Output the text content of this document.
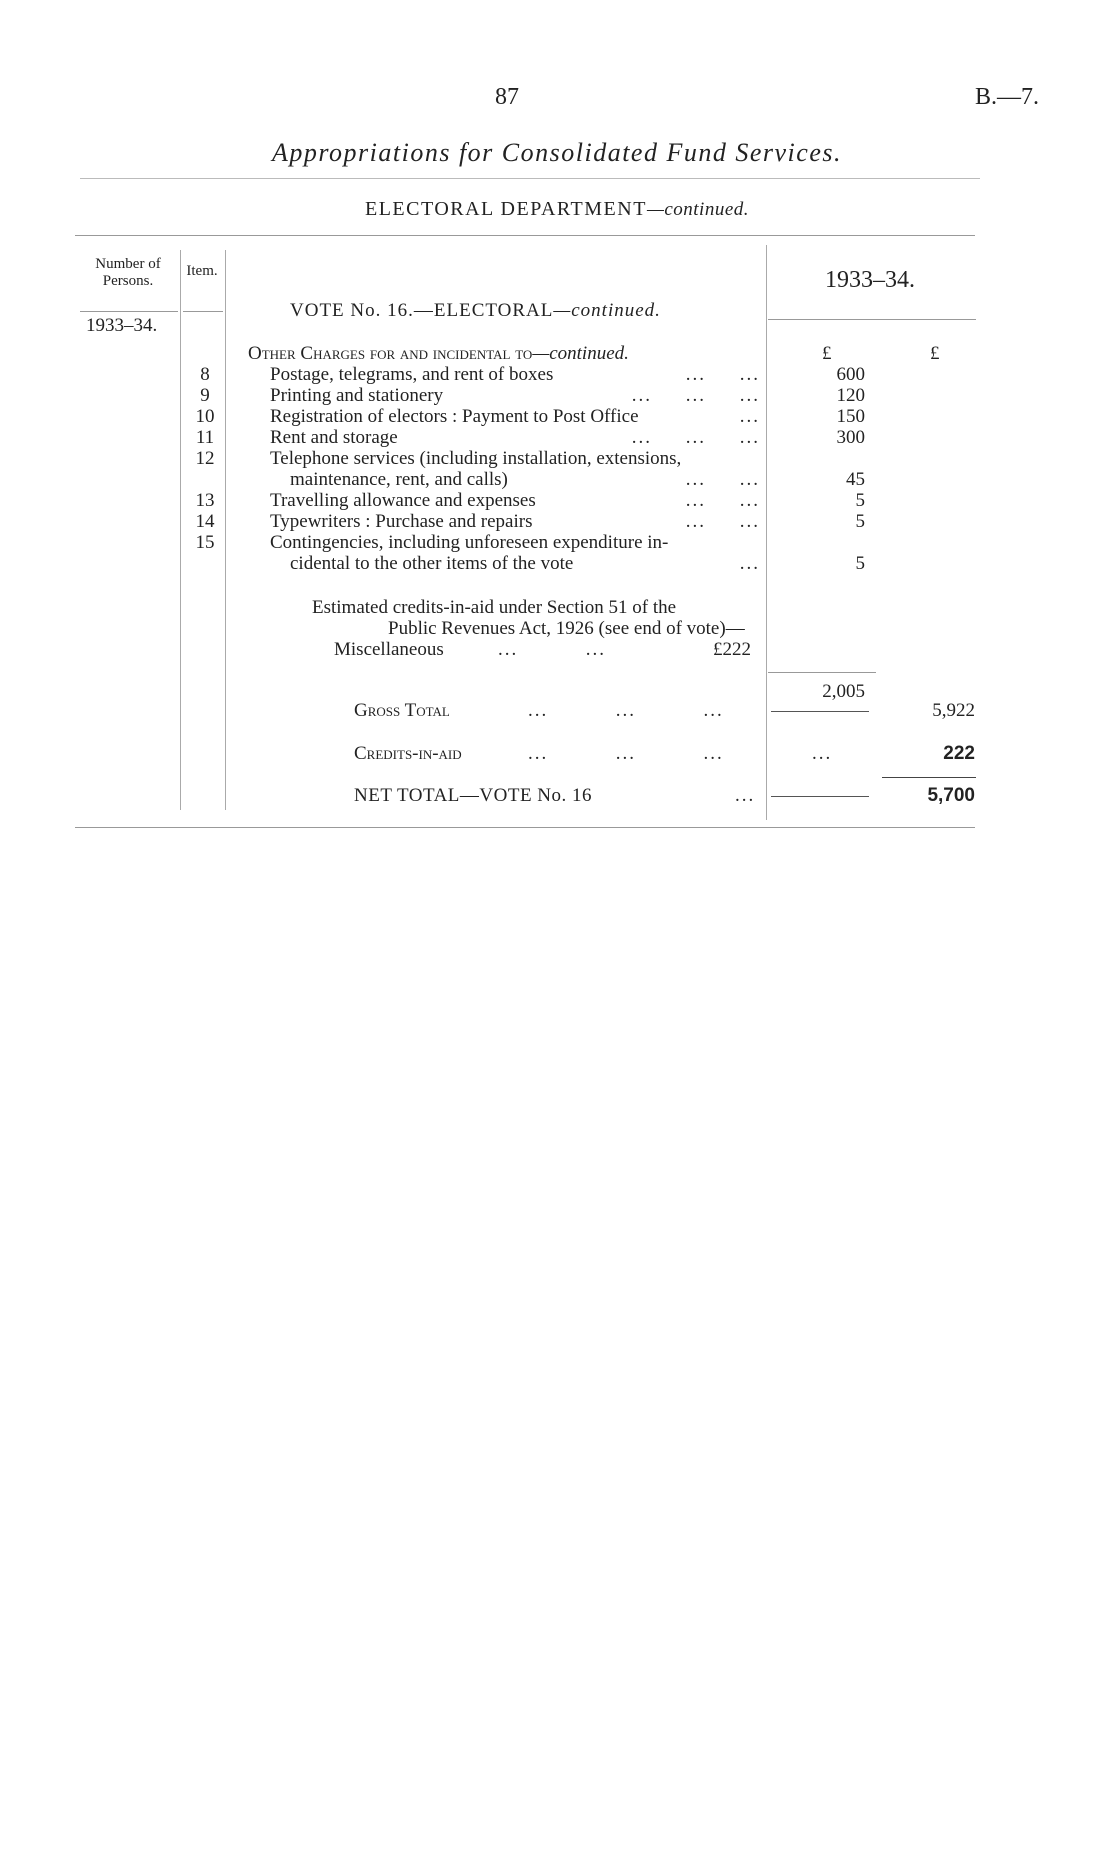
87	B.—7.
Appropriations for Consolidated Fund Services.
ELECTORAL DEPARTMENT—continued.
Number of Persons.
Item.	1933–34.
1933–34.
VOTE No. 16.—ELECTORAL—continued.
Other Charges for and incidental to—continued.	£	£
8	Postage, telegrams, and rent of boxes	...     ...	600
9	Printing and stationery	...     ...     ...	120
10	Registration of electors : Payment to Post Office	...	150
11	Rent and storage	...     ...     ...	300
12	Telephone services (including installation, extensions,
maintenance, rent, and calls)	...     ...	45
13	Travelling allowance and expenses	...     ...	5
14	Typewriters : Purchase and repairs	...     ...	5
15	Contingencies, including unforeseen expenditure in-
cidental to the other items of the vote	...	5
Estimated credits-in-aid under Section 51 of the
Public Revenues Act, 1926 (see end of vote)—
Miscellaneous	...          ...	£222
2,005
Gross Total	...          ...          ...	5,922
Credits-in-aid	...          ...          ...	...	222
NET TOTAL—VOTE No. 16	...	5,700
